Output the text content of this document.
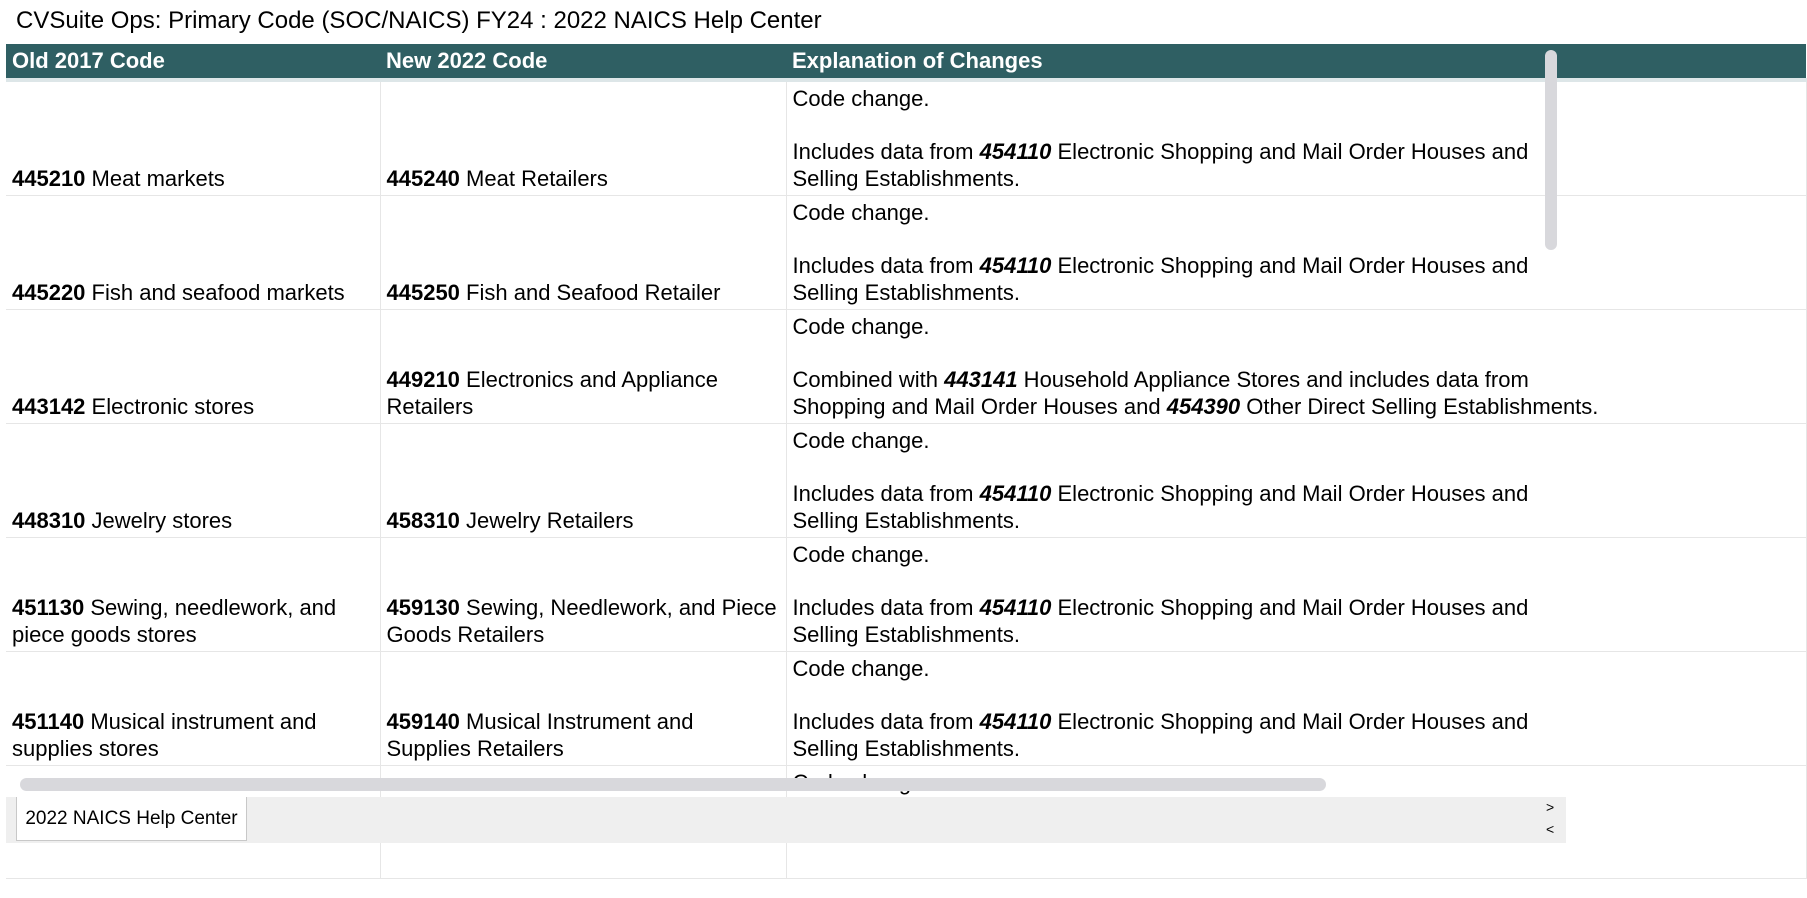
CVSuite Ops: Primary Code (SOC/NAICS) FY24 : 2022 NAICS Help Center
Old 2017 Code	New 2022 Code	Explanation of Changes
445210 Meat markets	445240 Meat Retailers	Code change.
Includes data from 454110 Electronic Shopping and Mail Order Houses and
Selling Establishments.

445220 Fish and seafood markets	445250 Fish and Seafood Retailer	Code change.
Includes data from 454110 Electronic Shopping and Mail Order Houses and
Selling Establishments.

443142 Electronic stores	449210 Electronics and Appliance Retailers	Code change.
Combined with 443141 Household Appliance Stores and includes data from
Shopping and Mail Order Houses and 454390 Other Direct Selling Establishments.

448310 Jewelry stores	458310 Jewelry Retailers	Code change.
Includes data from 454110 Electronic Shopping and Mail Order Houses and
Selling Establishments.

451130 Sewing, needlework, and piece goods stores	459130 Sewing, Needlework, and Piece Goods Retailers	Code change.
Includes data from 454110 Electronic Shopping and Mail Order Houses and
Selling Establishments.

451140 Musical instrument and supplies stores	459140 Musical Instrument and Supplies Retailers	Code change.
Includes data from 454110 Electronic Shopping and Mail Order Houses and
Selling Establishments.

2022 NAICS Help Center
>
<
